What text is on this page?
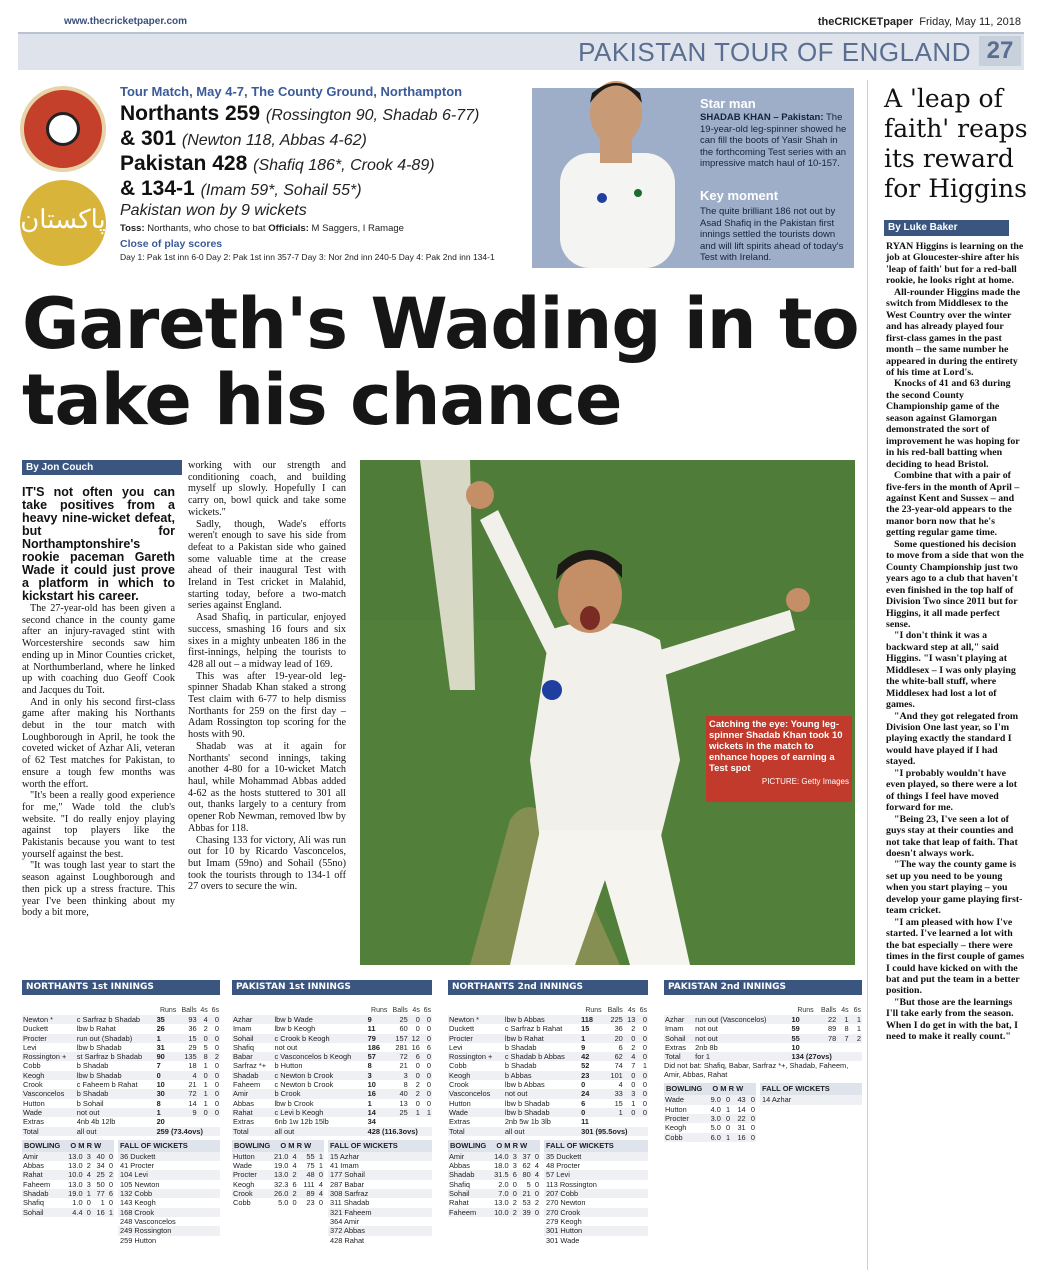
www.thecricketpaper.com	theCRICKETpaper Friday, May 11, 2018
PAKISTAN TOUR OF ENGLAND 27
پاکستان
Tour Match, May 4-7, The County Ground, Northampton
Northants 259 (Rossington 90, Shadab 6-77)
& 301 (Newton 118, Abbas 4-62)
Pakistan 428 (Shafiq 186*, Crook 4-89)
& 134-1 (Imam 59*, Sohail 55*)
Pakistan won by 9 wickets
Toss: Northants, who chose to bat Officials: M Saggers, I Ramage
Close of play scores
Day 1: Pak 1st inn 6-0 Day 2: Pak 1st inn 357-7 Day 3: Nor 2nd inn 240-5 Day 4: Pak 2nd inn 134-1
Star man
SHADAB KHAN – Pakistan: The 19-year-old leg-spinner showed he can fill the boots of Yasir Shah in the forthcoming Test series with an impressive match haul of 10-157.
Key moment
The quite brilliant 186 not out by Asad Shafiq in the Pakistan first innings settled the tourists down and will lift spirits ahead of today's Test with Ireland.
Gareth's Wading in to take his chance
By Jon Couch

IT'S not often you can take positives from a heavy nine-wicket defeat, but for Northamptonshire's rookie paceman Gareth Wade it could just prove a platform in which to kickstart his career.

The 27-year-old has been given a second chance in the county game after an injury-ravaged stint with Worcestershire seconds saw him ending up in Minor Counties cricket, at Northumberland, where he linked up with coaching duo Geoff Cook and Jacques du Toit.

And in only his second first-class game after making his Northants debut in the tour match with Loughborough in April, he took the coveted wicket of Azhar Ali, veteran of 62 Test matches for Pakistan, to ensure a tough few months was worth the effort.

"It's been a really good experience for me," Wade told the club's website. "I do really enjoy playing against top players like the Pakistanis because you want to test yourself against the best.

"It was tough last year to start the season against Loughborough and then pick up a stress fracture. This year I've been thinking about my body a bit more,

working with our strength and conditioning coach, and building myself up slowly. Hopefully I can carry on, bowl quick and take some wickets."

Sadly, though, Wade's efforts weren't enough to save his side from defeat to a Pakistan side who gained some valuable time at the crease ahead of their inaugural Test with Ireland in Test cricket in Malahid, starting today, before a two-match series against England.

Asad Shafiq, in particular, enjoyed success, smashing 16 fours and six sixes in a mighty unbeaten 186 in the first-innings, helping the tourists to 428 all out – a midway lead of 169.

This was after 19-year-old leg-spinner Shadab Khan staked a strong Test claim with 6-77 to help dismiss Northants for 259 on the first day – Adam Rossington top scoring for the hosts with 90.

Shadab was at it again for Northants' second innings, taking another 4-80 for a 10-wicket Match haul, while Mohammad Abbas added 4-62 as the hosts stuttered to 301 all out, thanks largely to a century from opener Rob Newman, removed lbw by Abbas for 118.

Chasing 133 for victory, Ali was run out for 10 by Ricardo Vasconcelos, but Imam (59no) and Sohail (55no) took the tourists through to 134-1 off 27 overs to secure the win.

Catching the eye: Young leg-spinner Shadab Khan took 10 wickets in the match to enhance hopes of earning a Test spot
PICTURE: Getty Images
A 'leap of faith' reaps its reward for Higgins
By Luke Baker

RYAN Higgins is learning on the job at Gloucester-shire after his 'leap of faith' but for a red-ball rookie, he looks right at home.

All-rounder Higgins made the switch from Middlesex to the West Country over the winter and has already played four first-class games in the past month – the same number he appeared in during the entirety of his time at Lord's.

Knocks of 41 and 63 during the second County Championship game of the season against Glamorgan demonstrated the sort of improvement he was hoping for in his red-ball batting when deciding to head Bristol.

Combine that with a pair of five-fers in the month of April – against Kent and Sussex – and the 23-year-old appears to the manor born now that he's getting regular game time.

Some questioned his decision to move from a side that won the County Championship just two years ago to a club that haven't even finished in the top half of Division Two since 2011 but for Higgins, it all made perfect sense.

"I don't think it was a backward step at all," said Higgins. "I wasn't playing at Middlesex – I was only playing the white-ball stuff, where Middlesex had lost a lot of games.

"And they got relegated from Division One last year, so I'm playing exactly the standard I would have played if I had stayed.

"I probably wouldn't have even played, so there were a lot of things I feel have moved forward for me.

"Being 23, I've seen a lot of guys stay at their counties and not take that leap of faith. That doesn't always work.

"The way the county game is set up you need to be young when you start playing – you develop your game playing first-team cricket.

"I am pleased with how I've started. I've learned a lot with the bat especially – there were times in the first couple of games I could have kicked on with the bat and put the team in a better position.

"But those are the learnings I'll take early from the season. When I do get in with the bat, I need to make it really count."

NORTHANTS 1st INNINGS
		Runs	Balls	4s	6s
Newton *	c Sarfraz b Shadab	35	93	4	0
Duckett	lbw b Rahat	26	36	2	0
Procter	run out (Shadab)	1	15	0	0
Levi	lbw b Shadab	31	29	5	0
Rossington +	st Sarfraz b Shadab	90	135	8	2
Cobb	b Shadab	7	18	1	0
Keogh	lbw b Shadab	0	4	0	0
Crook	c Faheem b Rahat	10	21	1	0
Vasconcelos	b Shadab	30	72	1	0
Hutton	b Sohail	8	14	1	0
Wade	not out	1	9	0	0
Extras	4nb 4b 12lb	20			
Total	all out	259 (73.4ovs)			
BOWLING O M R W
Amir	13.0	3	40	0
Abbas	13.0	2	34	0
Rahat	10.0	4	25	2
Faheem	13.0	3	50	0
Shadab	19.0	1	77	6
Shafiq	1.0	0	1	0
Sohail	4.4	0	16	1
FALL OF WICKETS
36 Duckett
41 Procter
104 Levi
105 Newton
132 Cobb
143 Keogh
168 Crook
248 Vasconcelos
249 Rossington
259 Hutton
PAKISTAN 1st INNINGS
		Runs	Balls	4s	6s
Azhar	lbw b Wade	9	25	0	0
Imam	lbw b Keogh	11	60	0	0
Sohail	c Crook b Keogh	79	157	12	0
Shafiq	not out	186	281	16	6
Babar	c Vasconcelos b Keogh	57	72	6	0
Sarfraz *+	b Hutton	8	21	0	0
Shadab	c Newton b Crook	3	3	0	0
Faheem	c Newton b Crook	10	8	2	0
Amir	b Crook	16	40	2	0
Abbas	lbw b Crook	1	13	0	0
Rahat	c Levi b Keogh	14	25	1	1
Extras	6nb 1w 12b 15lb	34			
Total	all out	428 (116.3ovs)			
BOWLING O M R W
Hutton	21.0	4	55	1
Wade	19.0	4	75	1
Procter	13.0	2	48	0
Keogh	32.3	6	111	4
Crook	26.0	2	89	4
Cobb	5.0	0	23	0
FALL OF WICKETS
15 Azhar
41 Imam
177 Sohail
287 Babar
308 Sarfraz
311 Shadab
321 Faheem
364 Amir
372 Abbas
428 Rahat
NORTHANTS 2nd INNINGS
		Runs	Balls	4s	6s
Newton *	lbw b Abbas	118	225	13	0
Duckett	c Sarfraz b Rahat	15	36	2	0
Procter	lbw b Rahat	1	20	0	0
Levi	b Shadab	9	6	2	0
Rossington +	c Shadab b Abbas	42	62	4	0
Cobb	b Shadab	52	74	7	1
Keogh	b Abbas	23	101	0	0
Crook	lbw b Abbas	0	4	0	0
Vasconcelos	not out	24	33	3	0
Hutton	lbw b Shadab	6	15	1	0
Wade	lbw b Shadab	0	1	0	0
Extras	2nb 5w 1b 3lb	11			
Total	all out	301 (95.5ovs)			
BOWLING O M R W
Amir	14.0	3	37	0
Abbas	18.0	3	62	4
Shadab	31.5	6	80	4
Shafiq	2.0	0	5	0
Sohail	7.0	0	21	0
Rahat	13.0	2	53	2
Faheem	10.0	2	39	0
FALL OF WICKETS
35 Duckett
48 Procter
57 Levi
113 Rossington
207 Cobb
270 Newton
270 Crook
279 Keogh
301 Hutton
301 Wade
PAKISTAN 2nd INNINGS
		Runs	Balls	4s	6s
Azhar	run out (Vasconcelos)	10	22	1	1
Imam	not out	59	89	8	1
Sohail	not out	55	78	7	2
Extras	2nb 8b	10			
Total	for 1	134 (27ovs)			
Did not bat: Shafiq, Babar, Sarfraz *+, Shadab, Faheem, Amir, Abbas, Rahat
BOWLING O M R W
Wade	9.0	0	43	0
Hutton	4.0	1	14	0
Procter	3.0	0	22	0
Keogh	5.0	0	31	0
Cobb	6.0	1	16	0
FALL OF WICKETS
14 Azhar
